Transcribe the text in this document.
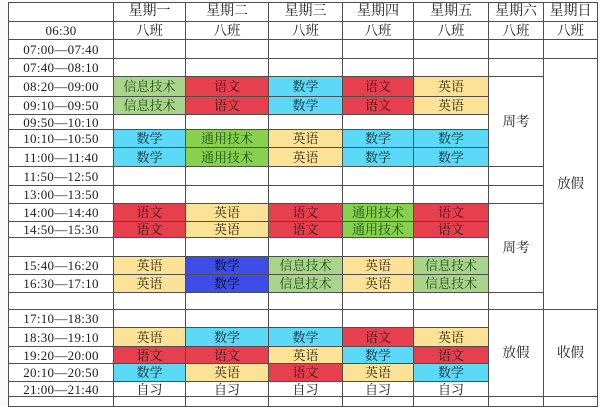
	星期一	星期二	星期三	星期四	星期五	星期六	星期日
06:30	八班	八班	八班	八班	八班	八班	八班
07:00—07:40							
07:40—08:10							放假
08:20—09:00	信息技术	语文	数学	语文	英语	周考	
09:10—09:50	信息技术	语文	数学	语文	英语		
09:50—10:10							
10:10—10:50	数学	通用技术	英语	数学	数学		
11:00—11:40	数学	通用技术	英语	数学	数学		
11:50—12:50							
13:00—13:50							
14:00—14:40	语文	英语	语文	通用技术	语文	周考	
14:50—15:30	语文	英语	语文	通用技术	语文		

15:40—16:20	英语	数学	信息技术	英语	信息技术		
16:30—17:10	英语	数学	信息技术	英语	信息技术		

17:10—18:30						放假	收假
18:30—19:10	英语	数学	数学	语文	英语		
19:20—20:00	语文	语文	英语	数学	语文		
20:10—20:50	数学	英语	语文	英语	数学		
21:00—21:40	自习	自习	自习	自习	自习		
